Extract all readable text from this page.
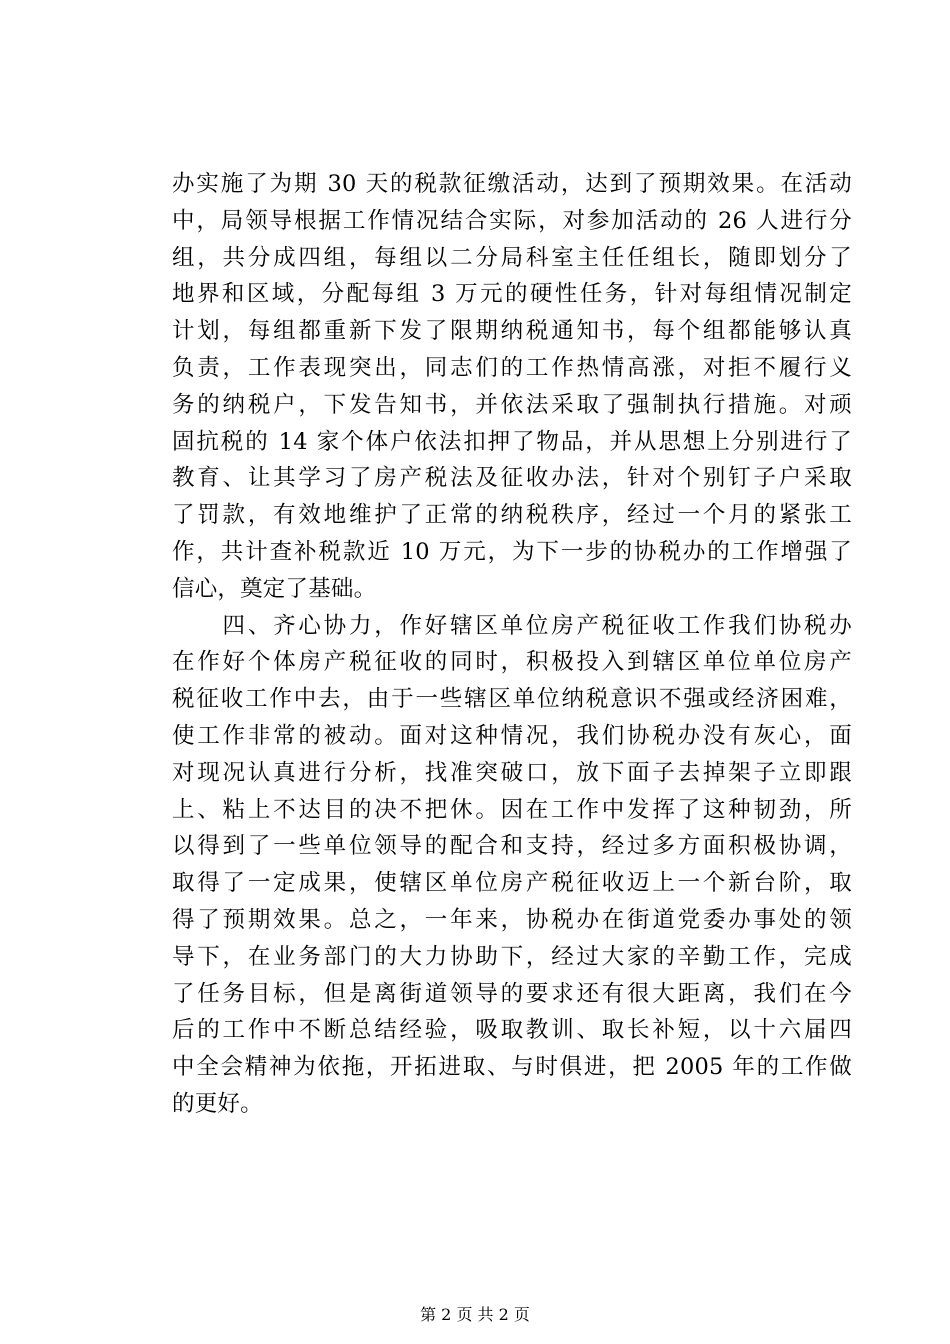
办实施了为期 30 天的税款征缴活动，达到了预期效果。在活动
中，局领导根据工作情况结合实际，对参加活动的 26 人进行分
组，共分成四组，每组以二分局科室主任任组长，随即划分了
地界和区域，分配每组 3 万元的硬性任务，针对每组情况制定
计划，每组都重新下发了限期纳税通知书，每个组都能够认真
负责，工作表现突出，同志们的工作热情高涨，对拒不履行义
务的纳税户，下发告知书，并依法采取了强制执行措施。对顽
固抗税的 14 家个体户依法扣押了物品，并从思想上分别进行了
教育、让其学习了房产税法及征收办法，针对个别钉子户采取
了罚款，有效地维护了正常的纳税秩序，经过一个月的紧张工
作，共计查补税款近 10 万元，为下一步的协税办的工作增强了
信心，奠定了基础。
　　四、齐心协力，作好辖区单位房产税征收工作我们协税办
在作好个体房产税征收的同时，积极投入到辖区单位单位房产
税征收工作中去，由于一些辖区单位纳税意识不强或经济困难，
使工作非常的被动。面对这种情况，我们协税办没有灰心，面
对现况认真进行分析，找准突破口，放下面子去掉架子立即跟
上、粘上不达目的决不把休。因在工作中发挥了这种韧劲，所
以得到了一些单位领导的配合和支持，经过多方面积极协调，
取得了一定成果，使辖区单位房产税征收迈上一个新台阶，取
得了预期效果。总之，一年来，协税办在街道党委办事处的领
导下，在业务部门的大力协助下，经过大家的辛勤工作，完成
了任务目标，但是离街道领导的要求还有很大距离，我们在今
后的工作中不断总结经验，吸取教训、取长补短，以十六届四
中全会精神为依拖，开拓进取、与时俱进，把 2005 年的工作做
的更好。
第 2 页 共 2 页
